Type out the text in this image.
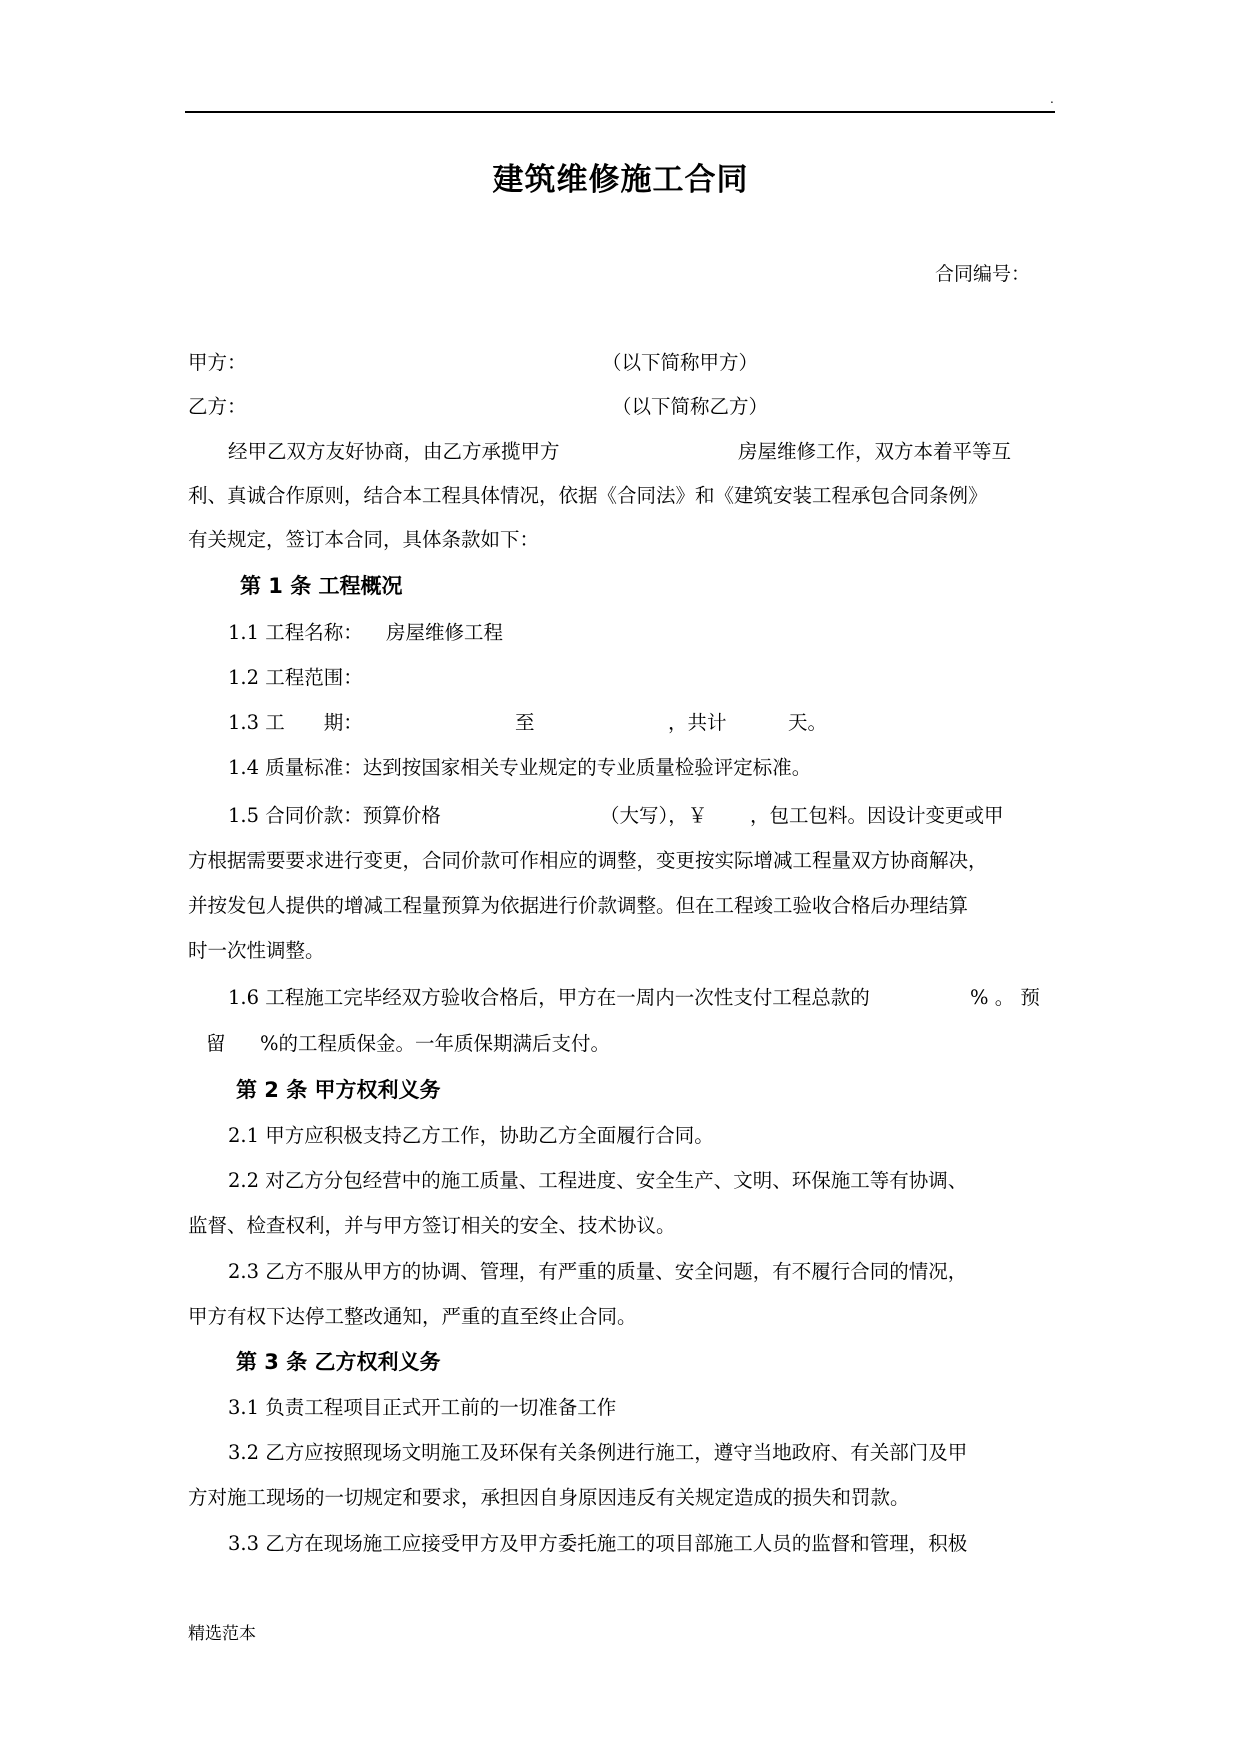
.
建筑维修施工合同
合同编号：
甲方：	（以下简称甲方）
乙方：	（以下简称乙方）
经甲乙双方友好协商，由乙方承揽甲方	房屋维修工作，双方本着平等互
利、真诚合作原则，结合本工程具体情况，依据《合同法》和《建筑安装工程承包合同条例》
有关规定，签订本合同，具体条款如下：
第 1 条 工程概况
1.1 工程名称： 房屋维修工程
1.2 工程范围：
1.3 工　　期：	至	，共计	天。
1.4 质量标准：达到按国家相关专业规定的专业质量检验评定标准。
1.5 合同价款：预算价格	（大写），￥ ，包工包料。因设计变更或甲
方根据需要要求进行变更，合同价款可作相应的调整，变更按实际增减工程量双方协商解决，
并按发包人提供的增减工程量预算为依据进行价款调整。但在工程竣工验收合格后办理结算
时一次性调整。
1.6 工程施工完毕经双方验收合格后，甲方在一周内一次性支付工程总款的	% 。 预
留 %的工程质保金。一年质保期满后支付。
第 2 条 甲方权利义务
2.1 甲方应积极支持乙方工作，协助乙方全面履行合同。
2.2 对乙方分包经营中的施工质量、工程进度、安全生产、文明、环保施工等有协调、
监督、检查权利，并与甲方签订相关的安全、技术协议。
2.3 乙方不服从甲方的协调、管理，有严重的质量、安全问题，有不履行合同的情况，
甲方有权下达停工整改通知，严重的直至终止合同。
第 3 条 乙方权利义务
3.1 负责工程项目正式开工前的一切准备工作
3.2 乙方应按照现场文明施工及环保有关条例进行施工，遵守当地政府、有关部门及甲
方对施工现场的一切规定和要求，承担因自身原因违反有关规定造成的损失和罚款。
3.3 乙方在现场施工应接受甲方及甲方委托施工的项目部施工人员的监督和管理，积极
精选范本
